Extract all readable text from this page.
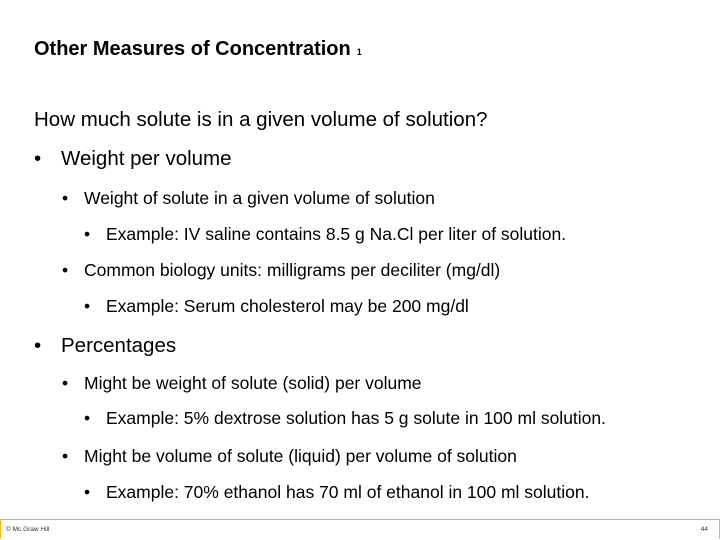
Other Measures of Concentration 1
How much solute is in a given volume of solution?
• Weight per volume
• Weight of solute in a given volume of solution
• Example: IV saline contains 8.5 g Na.Cl per liter of solution.
• Common biology units: milligrams per deciliter (mg/dl)
• Example: Serum cholesterol may be 200 mg/dl
• Percentages
• Might be weight of solute (solid) per volume
• Example: 5% dextrose solution has 5 g solute in 100 ml solution.
• Might be volume of solute (liquid) per volume of solution
• Example: 70% ethanol has 70 ml of ethanol in 100 ml solution.
© Mc.Graw Hill	44
